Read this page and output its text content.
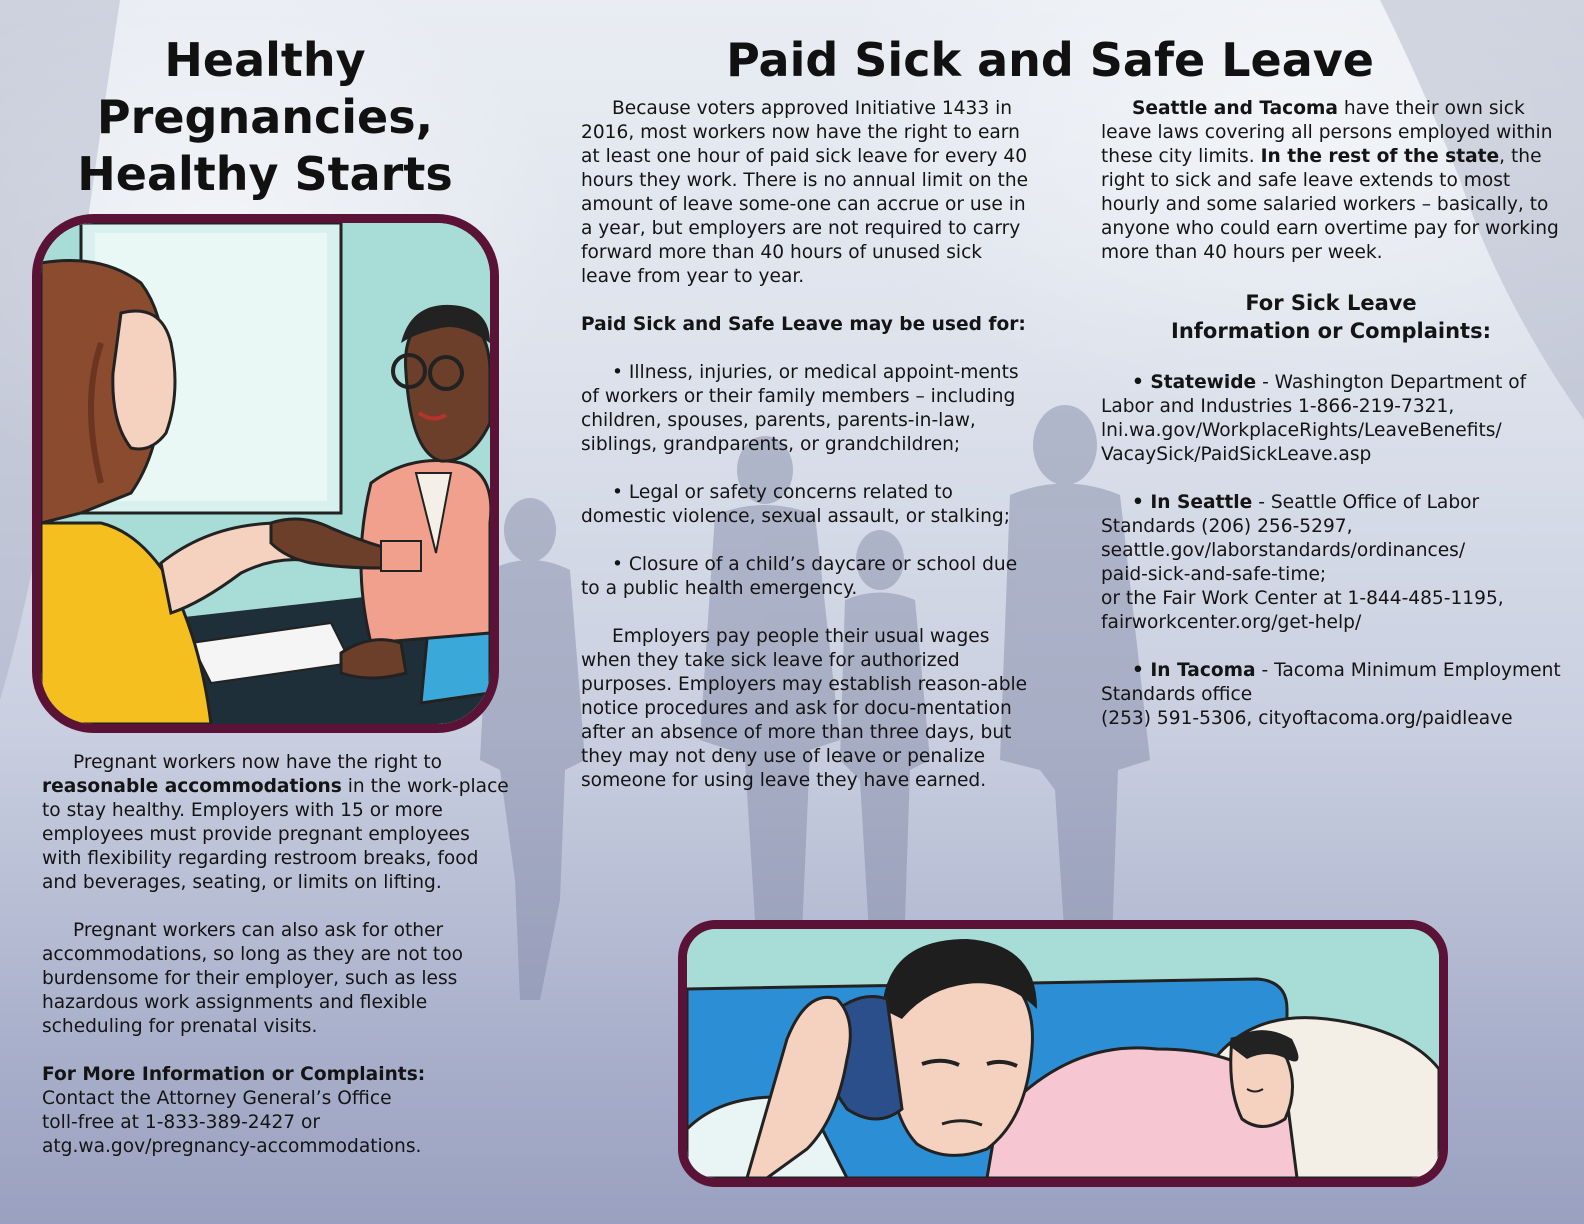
Healthy
Pregnancies,
Healthy Starts
Paid Sick and Safe Leave

Pregnant workers now have the right to reasonable accommodations in the work-place to stay healthy. Employers with 15 or more employees must provide pregnant employees with flexibility regarding restroom breaks, food and beverages, seating, or limits on lifting.

Pregnant workers can also ask for other accommodations, so long as they are not too burdensome for their employer, such as less hazardous work assignments and flexible scheduling for prenatal visits.

For More Information or Complaints:
Contact the Attorney General’s Office
toll-free at 1-833-389-2427 or
atg.wa.gov/pregnancy-accommodations.

Because voters approved Initiative 1433 in 2016, most workers now have the right to earn at least one hour of paid sick leave for every 40 hours they work. There is no annual limit on the amount of leave some-one can accrue or use in a year, but employers are not required to carry forward more than 40 hours of unused sick leave from year to year.

Paid Sick and Safe Leave may be used for:

• Illness, injuries, or medical appoint-ments of workers or their family members – including children, spouses, parents, parents-in-law, siblings, grandparents, or grandchildren;

• Legal or safety concerns related to domestic violence, sexual assault, or stalking;

• Closure of a child’s daycare or school due to a public health emergency.

Employers pay people their usual wages when they take sick leave for authorized purposes. Employers may establish reason-able notice procedures and ask for docu-mentation after an absence of more than three days, but they may not deny use of leave or penalize someone for using leave they have earned.

Seattle and Tacoma have their own sick leave laws covering all persons employed within these city limits. In the rest of the state, the right to sick and safe leave extends to most hourly and some salaried workers – basically, to anyone who could earn overtime pay for working more than 40 hours per week.

For Sick Leave
Information or Complaints:

• Statewide - Washington Department of Labor and Industries 1-866-219-7321,
lni.wa.gov/WorkplaceRights/LeaveBenefits/
VacaySick/PaidSickLeave.asp

• In Seattle - Seattle Office of Labor Standards (206) 256-5297,
seattle.gov/laborstandards/ordinances/
paid-sick-and-safe-time;
or the Fair Work Center at 1-844-485-1195,
fairworkcenter.org/get-help/

• In Tacoma - Tacoma Minimum Employment Standards office
(253) 591-5306, cityoftacoma.org/paidleave
